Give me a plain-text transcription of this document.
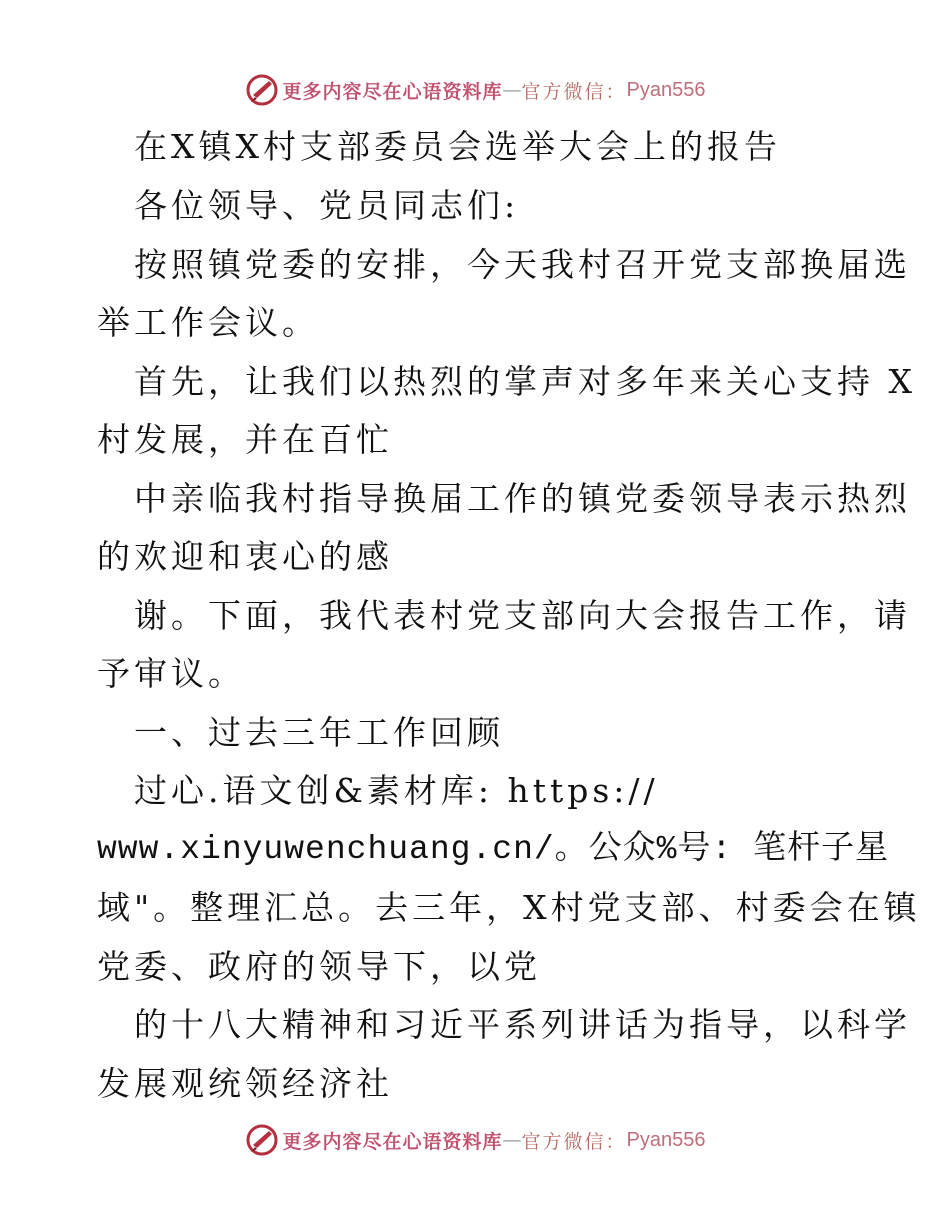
更多内容尽在心语资料库 — 官方微信： Pyan556
在X镇X村支部委员会选举大会上的报告
各位领导、党员同志们:
按照镇党委的安排，今天我村召开党支部换届选
举工作会议。
首先，让我们以热烈的掌声对多年来关心支持 X
村发展，并在百忙
中亲临我村指导换届工作的镇党委领导表示热烈
的欢迎和衷心的感
谢。下面，我代表村党支部向大会报告工作，请
予审议。
一、过去三年工作回顾
过心.语文创&素材库: https://
www.xinyuwenchuang.cn/。公众%号: 笔杆子星
域"。整理汇总。去三年，X村党支部、村委会在镇
党委、政府的领导下，以党
的十八大精神和习近平系列讲话为指导，以科学
发展观统领经济社
更多内容尽在心语资料库 — 官方微信： Pyan556
